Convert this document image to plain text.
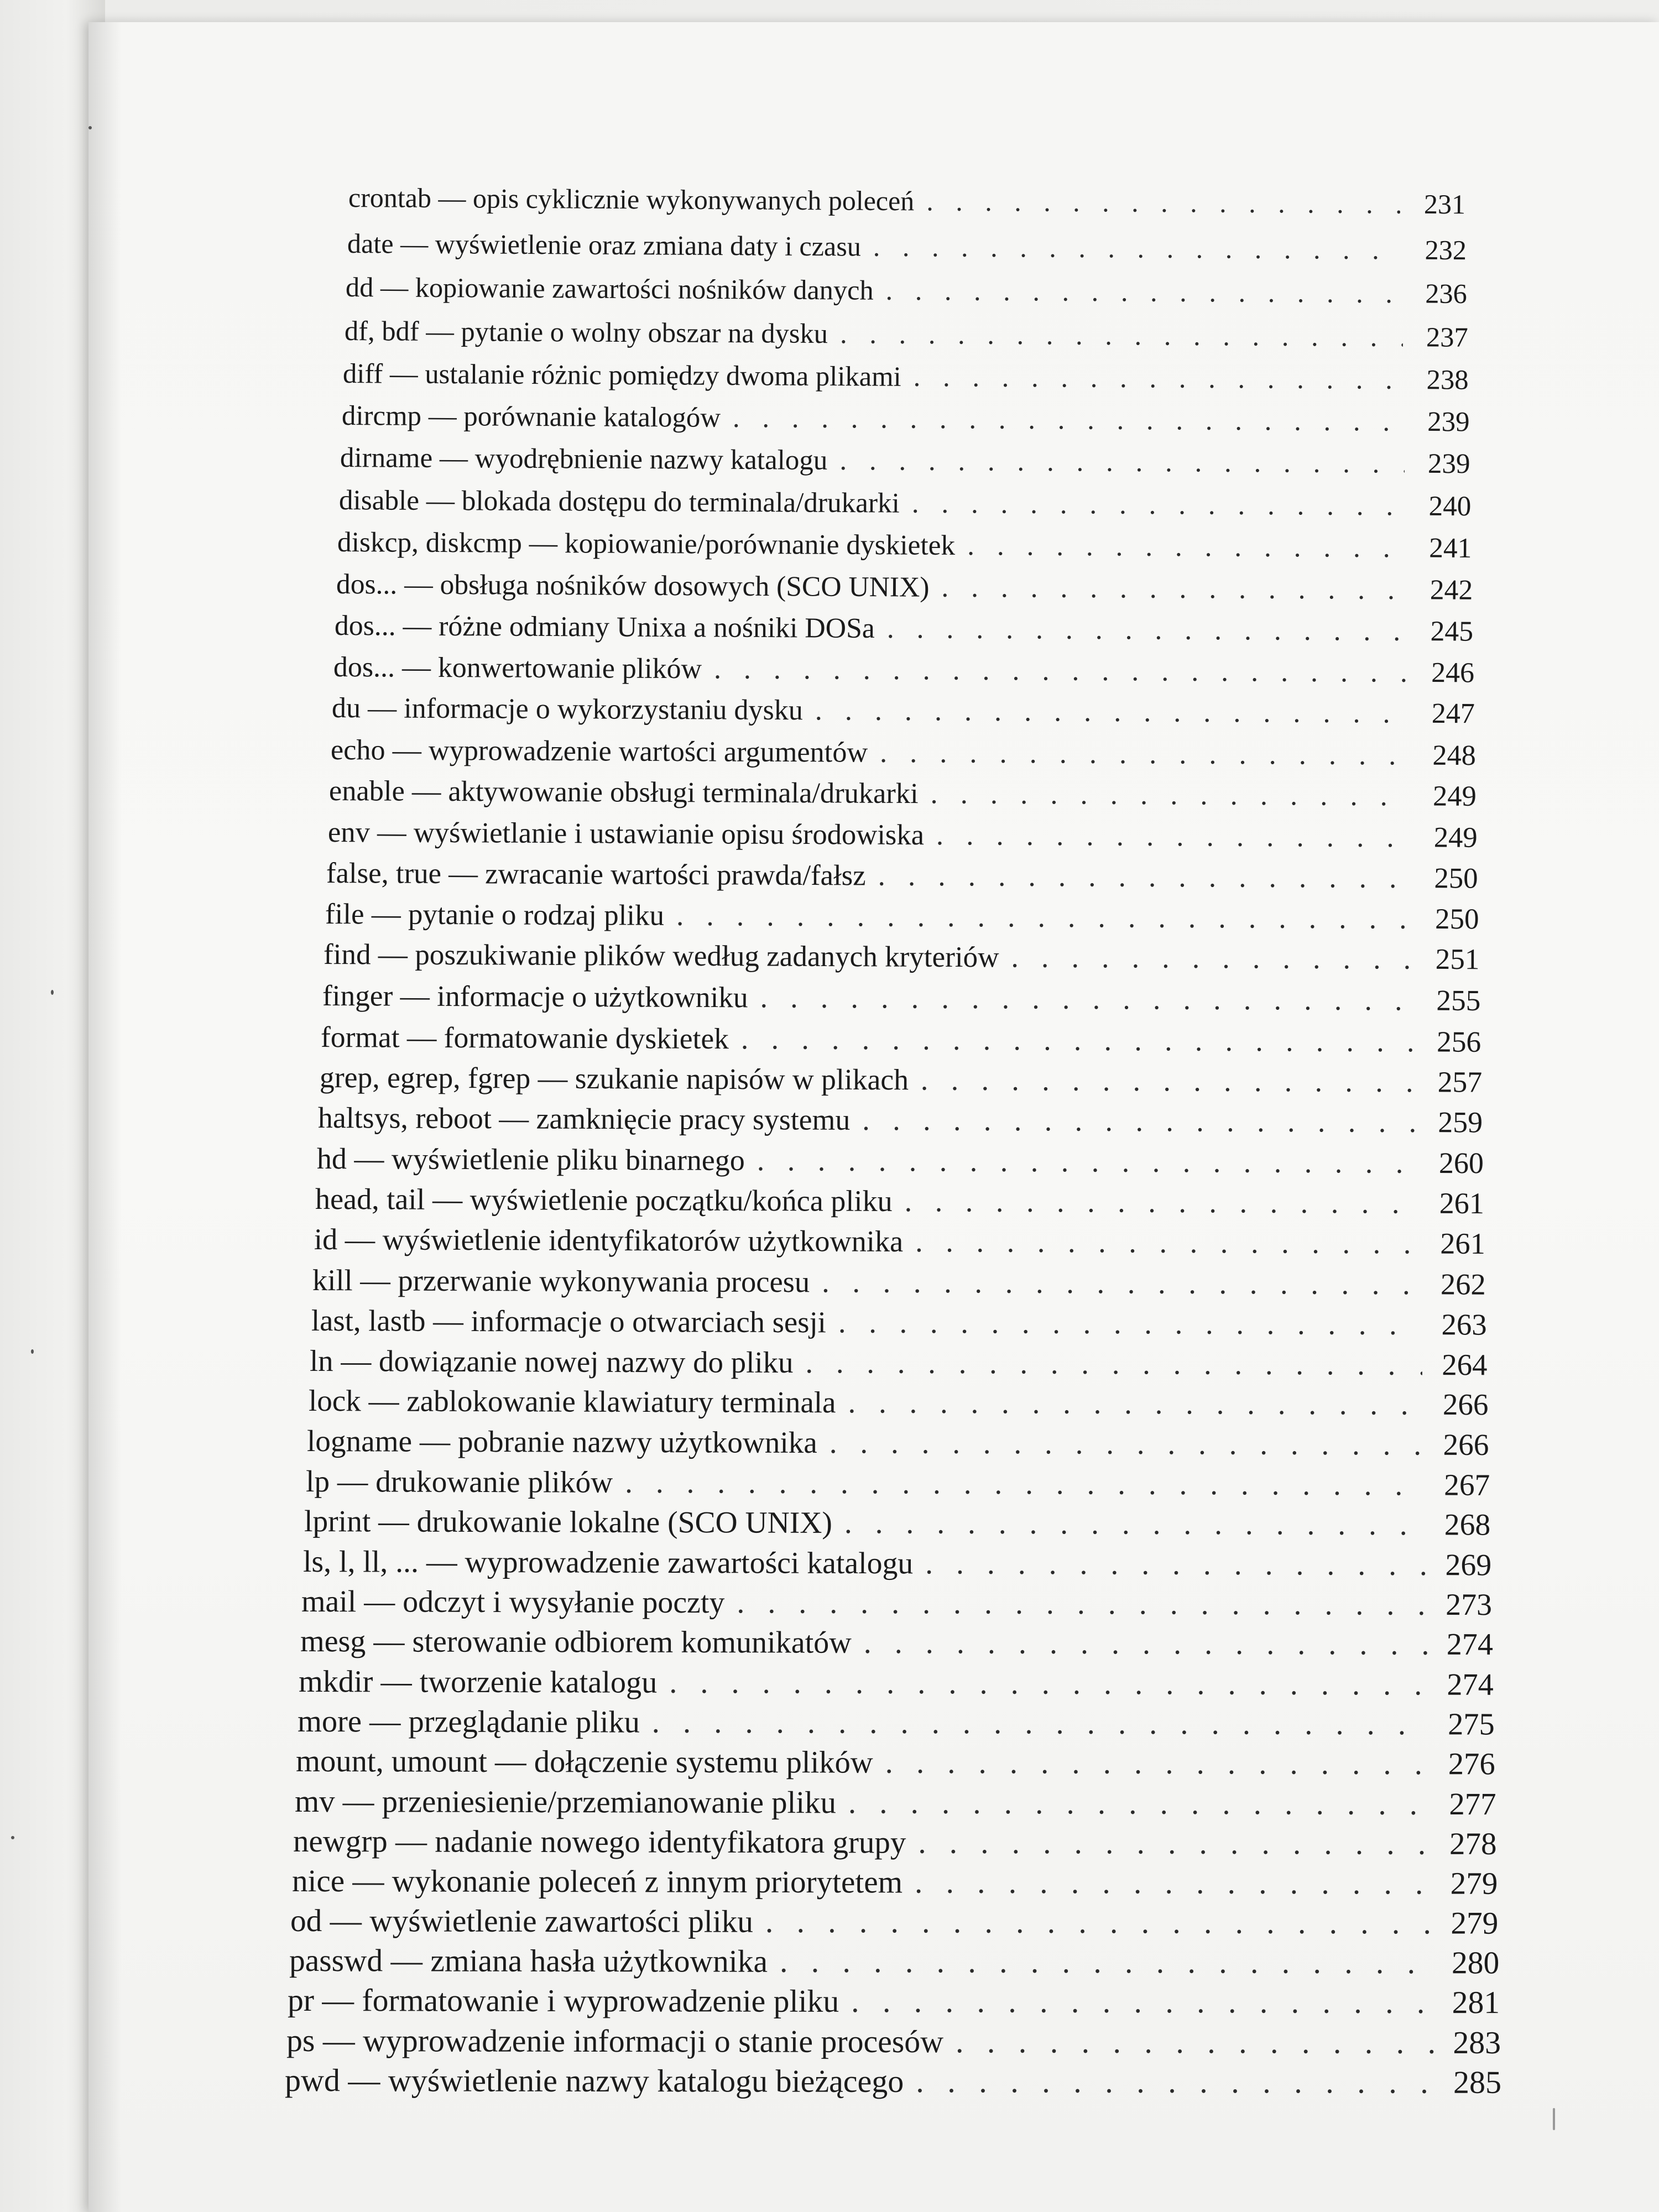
crontab — opis cyklicznie wykonywanych poleceń . . .	231
date — wyświetlenie oraz zmiana daty i czasu . . .	232
dd — kopiowanie zawartości nośników danych . . .	236
df, bdf — pytanie o wolny obszar na dysku . . .	237
diff — ustalanie różnic pomiędzy dwoma plikami . . .	238
dircmp — porównanie katalogów . . .	239
dirname — wyodrębnienie nazwy katalogu . . .	239
disable — blokada dostępu do terminala/drukarki . . .	240
diskcp, diskcmp — kopiowanie/porównanie dyskietek . . .	241
dos... — obsługa nośników dosowych (SCO UNIX) . . .	242
dos... — różne odmiany Unixa a nośniki DOSa . . .	245
dos... — konwertowanie plików . . .	246
du — informacje o wykorzystaniu dysku . . .	247
echo — wyprowadzenie wartości argumentów . . .	248
enable — aktywowanie obsługi terminala/drukarki . . .	249
env — wyświetlanie i ustawianie opisu środowiska . . .	249
false, true — zwracanie wartości prawda/fałsz . . .	250
file — pytanie o rodzaj pliku . . .	250
find — poszukiwanie plików według zadanych kryteriów . . .	251
finger — informacje o użytkowniku . . .	255
format — formatowanie dyskietek . . .	256
grep, egrep, fgrep — szukanie napisów w plikach . . .	257
haltsys, reboot — zamknięcie pracy systemu . . .	259
hd — wyświetlenie pliku binarnego . . .	260
head, tail — wyświetlenie początku/końca pliku . . .	261
id — wyświetlenie identyfikatorów użytkownika . . .	261
kill — przerwanie wykonywania procesu . . .	262
last, lastb — informacje o otwarciach sesji . . .	263
ln — dowiązanie nowej nazwy do pliku . . .	264
lock — zablokowanie klawiatury terminala . . .	266
logname — pobranie nazwy użytkownika . . .	266
lp — drukowanie plików . . .	267
lprint — drukowanie lokalne (SCO UNIX) . . .	268
ls, l, ll, ... — wyprowadzenie zawartości katalogu . . .	269
mail — odczyt i wysyłanie poczty . . .	273
mesg — sterowanie odbiorem komunikatów . . .	274
mkdir — tworzenie katalogu . . .	274
more — przeglądanie pliku . . .	275
mount, umount — dołączenie systemu plików . . .	276
mv — przeniesienie/przemianowanie pliku . . .	277
newgrp — nadanie nowego identyfikatora grupy . . .	278
nice — wykonanie poleceń z innym priorytetem . . .	279
od — wyświetlenie zawartości pliku . . .	279
passwd — zmiana hasła użytkownika . . .	280
pr — formatowanie i wyprowadzenie pliku . . .	281
ps — wyprowadzenie informacji o stanie procesów . . .	283
pwd — wyświetlenie nazwy katalogu bieżącego . . .	285
